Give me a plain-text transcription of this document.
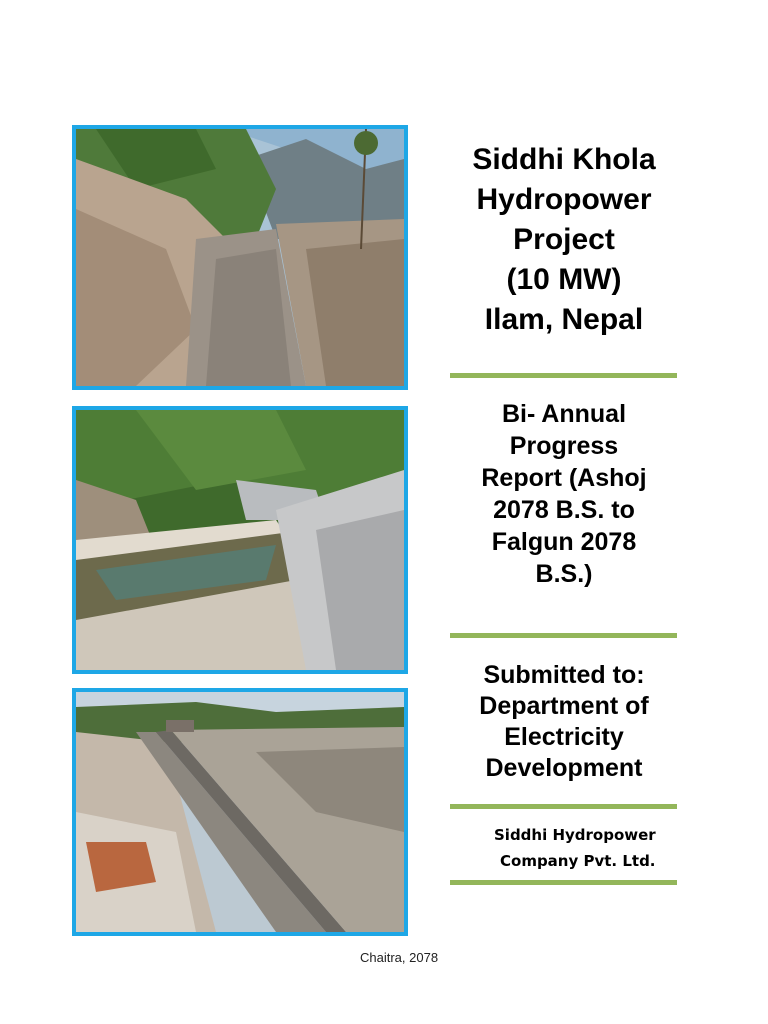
Siddhi Khola
Hydropower
Project
(10 MW)
Ilam, Nepal
Bi- Annual
Progress
Report (Ashoj
2078 B.S. to
Falgun 2078
B.S.)
Submitted to:
Department of
Electricity
Development
Siddhi Hydropower
Company Pvt. Ltd.
Chaitra, 2078
